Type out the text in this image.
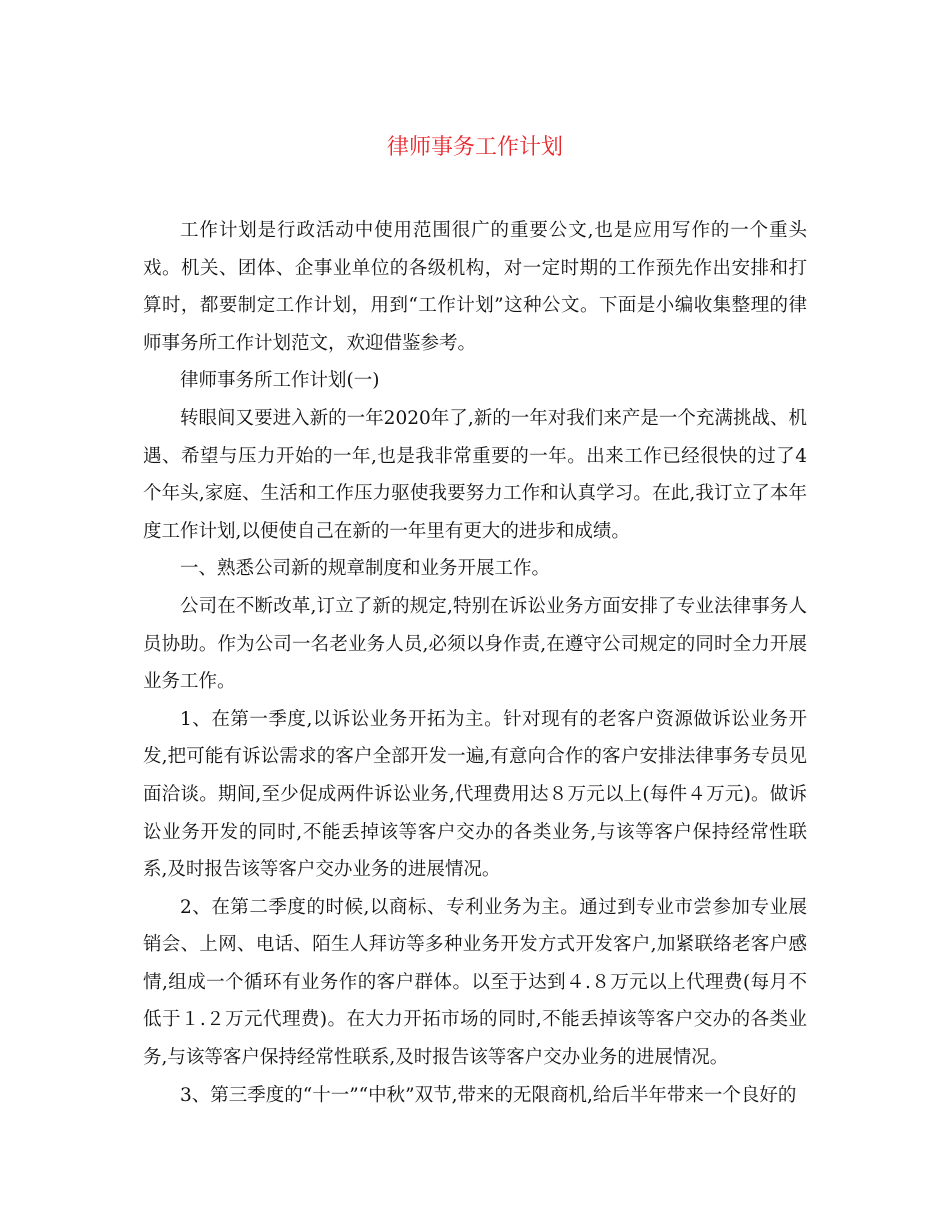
律师事务工作计划

工作计划是行政活动中使用范围很广的重要公文,也是应用写作的一个重头戏。机关、团体、企事业单位的各级机构，对一定时期的工作预先作出安排和打算时，都要制定工作计划，用到“工作计划”这种公文。下面是小编收集整理的律师事务所工作计划范文，欢迎借鉴参考。

律师事务所工作计划(一)

转眼间又要进入新的一年2020年了,新的一年对我们来产是一个充满挑战、机遇、希望与压力开始的一年,也是我非常重要的一年。出来工作已经很快的过了4个年头,家庭、生活和工作压力驱使我要努力工作和认真学习。在此,我订立了本年度工作计划,以便使自己在新的一年里有更大的进步和成绩。

一、熟悉公司新的规章制度和业务开展工作。

公司在不断改革,订立了新的规定,特别在诉讼业务方面安排了专业法律事务人员协助。作为公司一名老业务人员,必须以身作责,在遵守公司规定的同时全力开展业务工作。

1、在第一季度,以诉讼业务开拓为主。针对现有的老客户资源做诉讼业务开发,把可能有诉讼需求的客户全部开发一遍,有意向合作的客户安排法律事务专员见面洽谈。期间,至少促成两件诉讼业务,代理费用达８万元以上(每件４万元)。做诉讼业务开发的同时,不能丢掉该等客户交办的各类业务,与该等客户保持经常性联系,及时报告该等客户交办业务的进展情况。

2、在第二季度的时候,以商标、专利业务为主。通过到专业市尝参加专业展销会、上网、电话、陌生人拜访等多种业务开发方式开发客户,加紧联络老客户感情,组成一个循环有业务作的客户群体。以至于达到４.８万元以上代理费(每月不低于１.２万元代理费)。在大力开拓市场的同时,不能丢掉该等客户交办的各类业务,与该等客户保持经常性联系,及时报告该等客户交办业务的进展情况。

3、第三季度的“十一”“中秋”双节,带来的无限商机,给后半年带来一个良好的
